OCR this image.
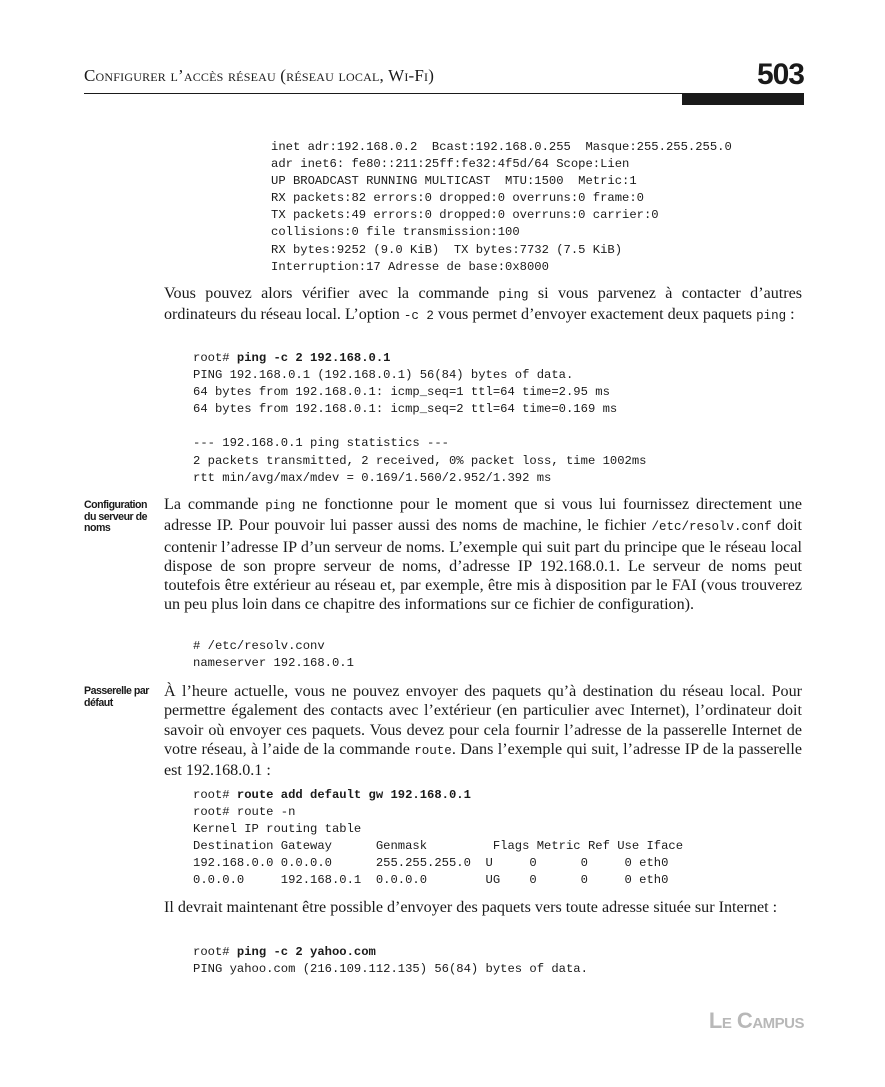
Configurer l’accès réseau (réseau local, Wi-Fi)	503
inet adr:192.168.0.2  Bcast:192.168.0.255  Masque:255.255.255.0
adr inet6: fe80::211:25ff:fe32:4f5d/64 Scope:Lien
UP BROADCAST RUNNING MULTICAST  MTU:1500  Metric:1
RX packets:82 errors:0 dropped:0 overruns:0 frame:0
TX packets:49 errors:0 dropped:0 overruns:0 carrier:0
collisions:0 file transmission:100
RX bytes:9252 (9.0 KiB)  TX bytes:7732 (7.5 KiB)
Interruption:17 Adresse de base:0x8000

Vous pouvez alors vérifier avec la commande ping si vous parvenez à contacter d’autres ordinateurs du réseau local. L’option -c 2 vous permet d’envoyer exactement deux paquets ping :

root# ping -c 2 192.168.0.1
PING 192.168.0.1 (192.168.0.1) 56(84) bytes of data.
64 bytes from 192.168.0.1: icmp_seq=1 ttl=64 time=2.95 ms
64 bytes from 192.168.0.1: icmp_seq=2 ttl=64 time=0.169 ms

--- 192.168.0.1 ping statistics ---
2 packets transmitted, 2 received, 0% packet loss, time 1002ms
rtt min/avg/max/mdev = 0.169/1.560/2.952/1.392 ms
Configuration du serveur de noms

La commande ping ne fonctionne pour le moment que si vous lui fournissez directement une adresse IP. Pour pouvoir lui passer aussi des noms de machine, le fichier /etc/resolv.conf doit contenir l’adresse IP d’un serveur de noms. L’exemple qui suit part du principe que le réseau local dispose de son propre serveur de noms, d’adresse IP 192.168.0.1. Le serveur de noms peut toutefois être extérieur au réseau et, par exemple, être mis à disposition par le FAI (vous trouverez un peu plus loin dans ce chapitre des informations sur ce fichier de configuration).

# /etc/resolv.conv
nameserver 192.168.0.1
Passerelle par défaut

À l’heure actuelle, vous ne pouvez envoyer des paquets qu’à destination du réseau local. Pour permettre également des contacts avec l’extérieur (en particulier avec Internet), l’ordinateur doit savoir où envoyer ces paquets. Vous devez pour cela fournir l’adresse de la passerelle Internet de votre réseau, à l’aide de la commande route. Dans l’exemple qui suit, l’adresse IP de la passerelle est 192.168.0.1 :

root# route add default gw 192.168.0.1
root# route -n
Kernel IP routing table
Destination Gateway      Genmask         Flags Metric Ref Use Iface
192.168.0.0 0.0.0.0      255.255.255.0  U     0      0     0 eth0
0.0.0.0     192.168.0.1  0.0.0.0        UG    0      0     0 eth0

Il devrait maintenant être possible d’envoyer des paquets vers toute adresse située sur Internet :

root# ping -c 2 yahoo.com
PING yahoo.com (216.109.112.135) 56(84) bytes of data.
Le Campus
